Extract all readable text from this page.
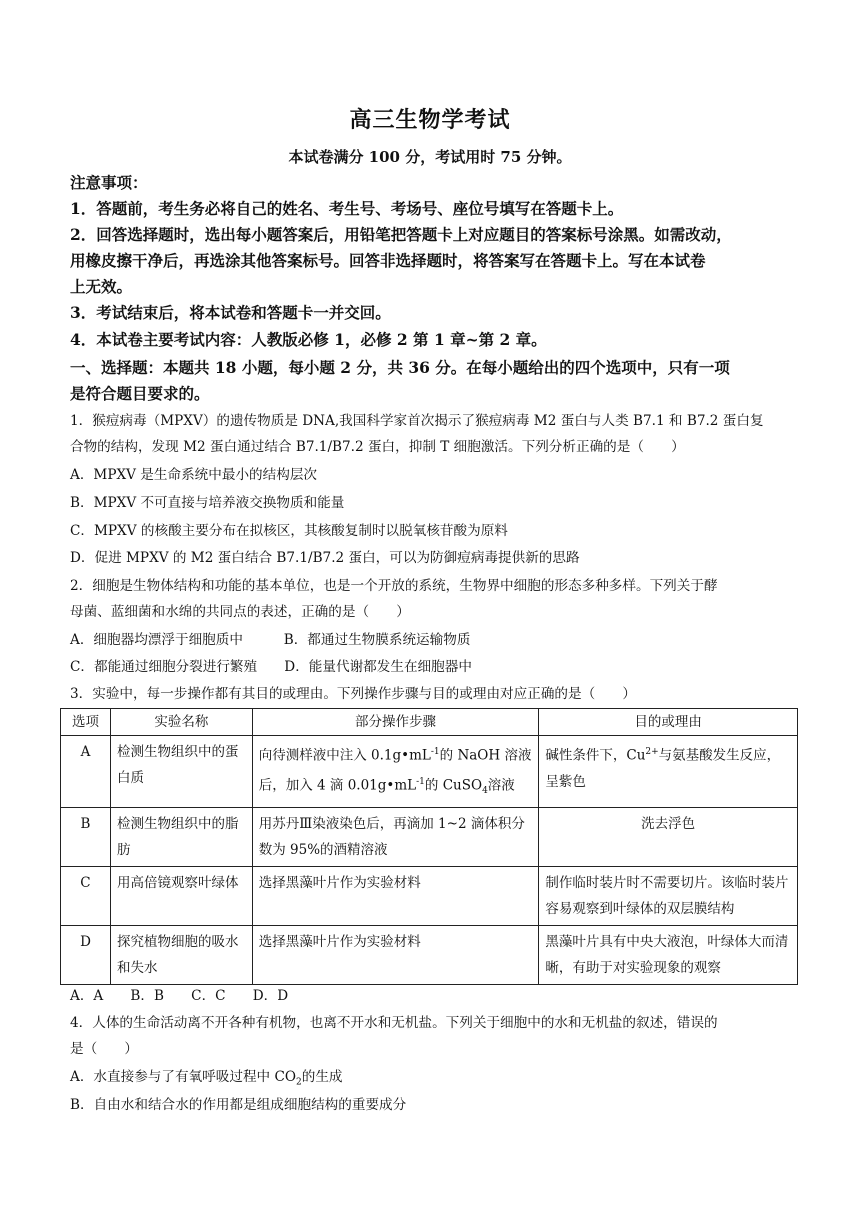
高三生物学考试
本试卷满分 100 分，考试用时 75 分钟。
注意事项：
1．答题前，考生务必将自己的姓名、考生号、考场号、座位号填写在答题卡上。
2．回答选择题时，选出每小题答案后，用铅笔把答题卡上对应题目的答案标号涂黑。如需改动，
用橡皮擦干净后，再选涂其他答案标号。回答非选择题时，将答案写在答题卡上。写在本试卷
上无效。
3．考试结束后，将本试卷和答题卡一并交回。
4．本试卷主要考试内容：人教版必修 1，必修 2 第 1 章~第 2 章。
一、选择题：本题共 18 小题，每小题 2 分，共 36 分。在每小题给出的四个选项中，只有一项
是符合题目要求的。
1．猴痘病毒（MPXV）的遗传物质是 DNA,我国科学家首次揭示了猴痘病毒 M2 蛋白与人类 B7.1 和 B7.2 蛋白复
合物的结构，发现 M2 蛋白通过结合 B7.1/B7.2 蛋白，抑制 T 细胞激活。下列分析正确的是（　　）
A．MPXV 是生命系统中最小的结构层次
B．MPXV 不可直接与培养液交换物质和能量
C．MPXV 的核酸主要分布在拟核区，其核酸复制时以脱氧核苷酸为原料
D．促进 MPXV 的 M2 蛋白结合 B7.1/B7.2 蛋白，可以为防御痘病毒提供新的思路
2．细胞是生物体结构和功能的基本单位，也是一个开放的系统，生物界中细胞的形态多种多样。下列关于酵
母菌、蓝细菌和水绵的共同点的表述，正确的是（　　）
A．细胞器均漂浮于细胞质中　　　B．都通过生物膜系统运输物质
C．都能通过细胞分裂进行繁殖　　D．能量代谢都发生在细胞器中
3．实验中，每一步操作都有其目的或理由。下列操作步骤与目的或理由对应正确的是（　　）
选项	实验名称	部分操作步骤	目的或理由
A	检测生物组织中的蛋白质	向待测样液中注入 $0.1g•mL^{-1}$的 NaOH 溶液后，加入 4 滴 $0.01g•mL^{-1}$的 CuSO$_4$溶液	碱性条件下，$Cu^{2+}$与氨基酸发生反应，呈紫色
B	检测生物组织中的脂肪	用苏丹Ⅲ染液染色后，再滴加 1~2 滴体积分数为 95%的酒精溶液	洗去浮色
C	用高倍镜观察叶绿体	选择黑藻叶片作为实验材料	制作临时装片时不需要切片。该临时装片容易观察到叶绿体的双层膜结构
D	探究植物细胞的吸水和失水	选择黑藻叶片作为实验材料	黑藻叶片具有中央大液泡，叶绿体大而清晰，有助于对实验现象的观察
A．A　　B．B　　C．C　　D．D
4．人体的生命活动离不开各种有机物，也离不开水和无机盐。下列关于细胞中的水和无机盐的叙述，错误的
是（　　）
A．水直接参与了有氧呼吸过程中 $CO_2$的生成
B．自由水和结合水的作用都是组成细胞结构的重要成分
